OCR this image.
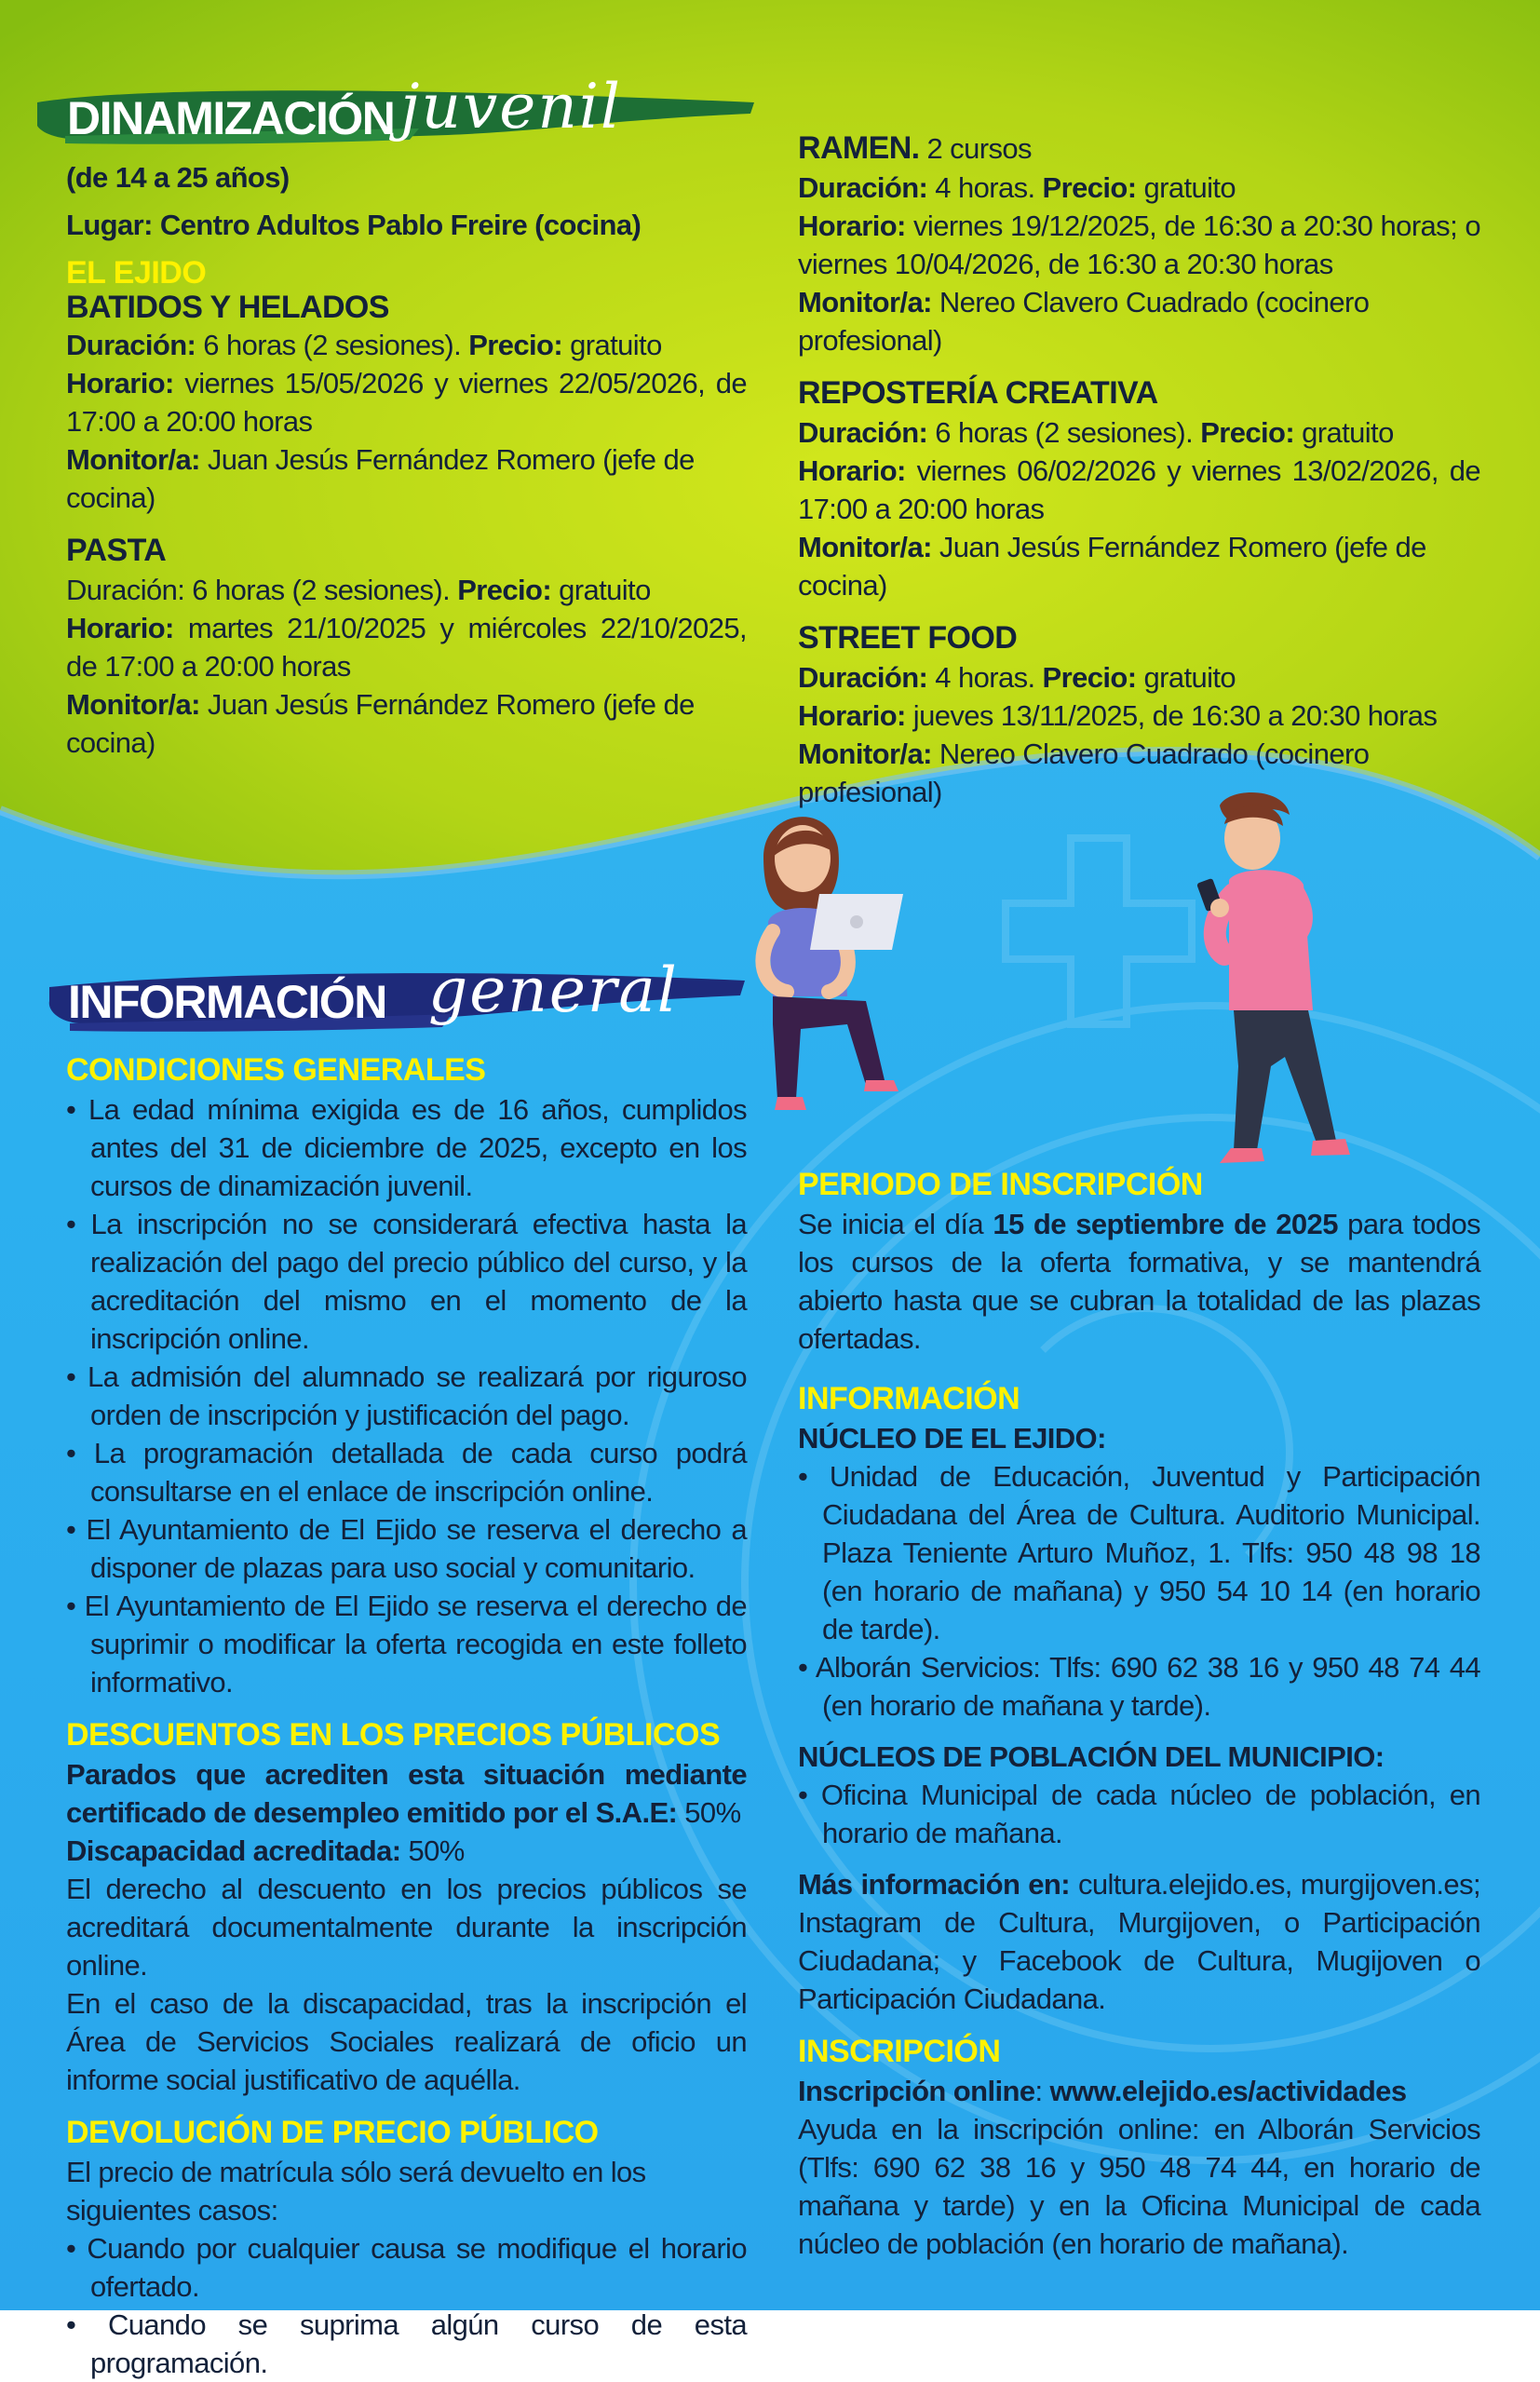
DINAMIZACIÓN juvenil

(de 14 a 25 años)

Lugar: Centro Adultos Pablo Freire (cocina)

EL EJIDO

BATIDOS Y HELADOS

Duración: 6 horas (2 sesiones). Precio: gratuito

Horario: viernes 15/05/2026 y viernes 22/05/2026, de 17:00 a 20:00 horas

Monitor/a: Juan Jesús Fernández Romero (jefe de cocina)

PASTA

Duración: 6 horas (2 sesiones). Precio: gratuito

Horario: martes 21/10/2025 y miércoles 22/10/2025, de 17:00 a 20:00 horas

Monitor/a: Juan Jesús Fernández Romero (jefe de cocina)

RAMEN. 2 cursos

Duración: 4 horas. Precio: gratuito

Horario: viernes 19/12/2025, de 16:30 a 20:30 horas; o viernes 10/04/2026, de 16:30 a 20:30 horas

Monitor/a: Nereo Clavero Cuadrado (cocinero profesional)

REPOSTERÍA CREATIVA

Duración: 6 horas (2 sesiones). Precio: gratuito

Horario: viernes 06/02/2026 y viernes 13/02/2026, de 17:00 a 20:00 horas

Monitor/a: Juan Jesús Fernández Romero (jefe de cocina)

STREET FOOD

Duración: 4 horas. Precio: gratuito

Horario: jueves 13/11/2025, de 16:30 a 20:30 horas

Monitor/a: Nereo Clavero Cuadrado (cocinero profesional)

INFORMACIÓN general

CONDICIONES GENERALES

• La edad mínima exigida es de 16 años, cumplidos antes del 31 de diciembre de 2025, excepto en los cursos de dinamización juvenil.

• La inscripción no se considerará efectiva hasta la realización del pago del precio público del curso, y la acreditación del mismo en el momento de la inscripción online.

• La admisión del alumnado se realizará por riguroso orden de inscripción y justificación del pago.

• La programación detallada de cada curso podrá consultarse en el enlace de inscripción online.

• El Ayuntamiento de El Ejido se reserva el derecho a disponer de plazas para uso social y comunitario.

• El Ayuntamiento de El Ejido se reserva el derecho de suprimir o modificar la oferta recogida en este folleto informativo.

DESCUENTOS EN LOS PRECIOS PÚBLICOS

Parados que acrediten esta situación mediante certificado de desempleo emitido por el S.A.E: 50%

Discapacidad acreditada: 50%

El derecho al descuento en los precios públicos se acreditará documentalmente durante la inscripción online.

En el caso de la discapacidad, tras la inscripción el Área de Servicios Sociales realizará de oficio un informe social justificativo de aquélla.

DEVOLUCIÓN DE PRECIO PÚBLICO

El precio de matrícula sólo será devuelto en los siguientes casos:

• Cuando por cualquier causa se modifique el horario ofertado.

• Cuando se suprima algún curso de esta programación.

PERIODO DE INSCRIPCIÓN

Se inicia el día 15 de septiembre de 2025 para todos los cursos de la oferta formativa, y se mantendrá abierto hasta que se cubran la totalidad de las plazas ofertadas.

INFORMACIÓN

NÚCLEO DE EL EJIDO:

• Unidad de Educación, Juventud y Participación Ciudadana del Área de Cultura. Auditorio Municipal. Plaza Teniente Arturo Muñoz, 1. Tlfs: 950 48 98 18 (en horario de mañana) y 950 54 10 14 (en horario de tarde).

• Alborán Servicios: Tlfs: 690 62 38 16 y 950 48 74 44 (en horario de mañana y tarde).

NÚCLEOS DE POBLACIÓN DEL MUNICIPIO:

• Oficina Municipal de cada núcleo de población, en horario de mañana.

Más información en: cultura.elejido.es, murgijoven.es; Instagram de Cultura, Murgijoven, o Participación Ciudadana; y Facebook de Cultura, Mugijoven o Participación Ciudadana.

INSCRIPCIÓN

Inscripción online: www.elejido.es/actividades

Ayuda en la inscripción online: en Alborán Servicios (Tlfs: 690 62 38 16 y 950 48 74 44, en horario de mañana y tarde) y en la Oficina Municipal de cada núcleo de población (en horario de mañana).
